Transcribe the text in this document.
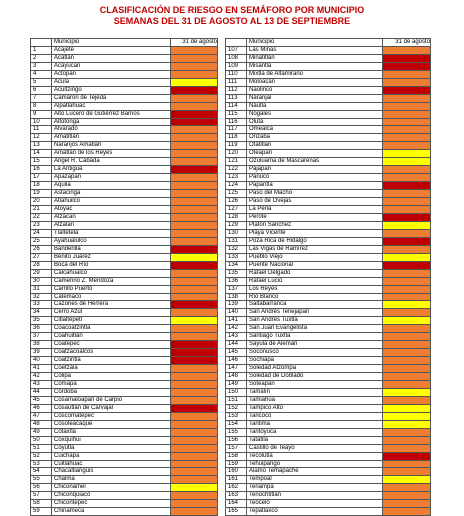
CLASIFICACIÓN DE RIESGO EN SEMÁFORO POR MUNICIPIO
SEMANAS DEL 31 DE AGOSTO AL 13 DE SEPTIEMBRE
	Municipio	31 de agosto
1	Acajete	
2	Acatlán	
3	Acayucan	
4	Actopan	
5	Acula	
6	Acultzingo	
7	Camarón de Tejeda	
8	Alpatláhuac	
9	Alto Lucero de Gutiérrez Barrios	
10	Altotonga	
11	Alvarado	
12	Amatitlán	
13	Naranjos Amatlán	
14	Amatlán de los Reyes	
15	Ángel R. Cabada	
16	La Antigua	
17	Apazapan	
18	Aquila	
19	Astacinga	
20	Atlahuilco	
21	Atoyac	
22	Atzacan	
23	Atzalan	
24	Tlaltetela	
25	Ayahualulco	
26	Banderilla	
27	Benito Juárez	
28	Boca del Río	
29	Calcahualco	
30	Camerino Z. Mendoza	
31	Carrillo Puerto	
32	Catemaco	
33	Cazones de Herrera	
34	Cerro Azul	
35	Citlaltépetl	
36	Coacoatzintla	
37	Coahuitlán	
38	Coatepec	
39	Coatzacoalcos	
40	Coatzintla	
41	Coetzala	
42	Colipa	
43	Comapa	
44	Córdoba	
45	Cosamaloapan de Carpio	
46	Cosautlán de Carvajal	
47	Coscomatepec	
48	Cosoleacaque	
49	Cotaxtla	
50	Coxquihui	
51	Coyutla	
52	Cuichapa	
53	Cuitláhuac	
54	Chacaltianguis	
55	Chalma	
56	Chiconamel	
57	Chiconquiaco	
58	Chicontepec	
59	Chinameca	
	Municipio	31 de agosto
107	Las Minas	
108	Minatitlán	
109	Misantla	
110	Mixtla de Altamirano	
111	Moloacán	
112	Naolinco	
113	Naranjal	
114	Nautla	
115	Nogales	
116	Oluta	
117	Omealca	
118	Orizaba	
119	Otatitlán	
120	Oteapan	
121	Ozuluama de Mascareñas	
122	Pajapan	
123	Pánuco	
124	Papantla	
125	Paso del Macho	
126	Paso de Ovejas	
127	La Perla	
128	Perote	
129	Platón Sánchez	
130	Playa Vicente	
131	Poza Rica de Hidalgo	
132	Las Vigas de Ramírez	
133	Pueblo Viejo	
134	Puente Nacional	
135	Rafael Delgado	
136	Rafael Lucio	
137	Los Reyes	
138	Río Blanco	
139	Saltabarranca	
140	San Andrés Tenejapan	
141	San Andrés Tuxtla	
142	San Juan Evangelista	
143	Santiago Tuxtla	
144	Sayula de Alemán	
145	Soconusco	
146	Sochiapa	
147	Soledad Atzompa	
148	Soledad de Doblado	
149	Soteapan	
150	Tamalín	
151	Tamiahua	
152	Tampico Alto	
153	Tancoco	
154	Tantima	
155	Tantoyuca	
156	Tatatila	
157	Castillo de Teayo	
158	Tecolutla	
159	Tehuipango	
160	Álamo Temapache	
161	Tempoal	
162	Tenampa	
163	Tenochtitlán	
164	Teocelo	
165	Tepatlaxco	
